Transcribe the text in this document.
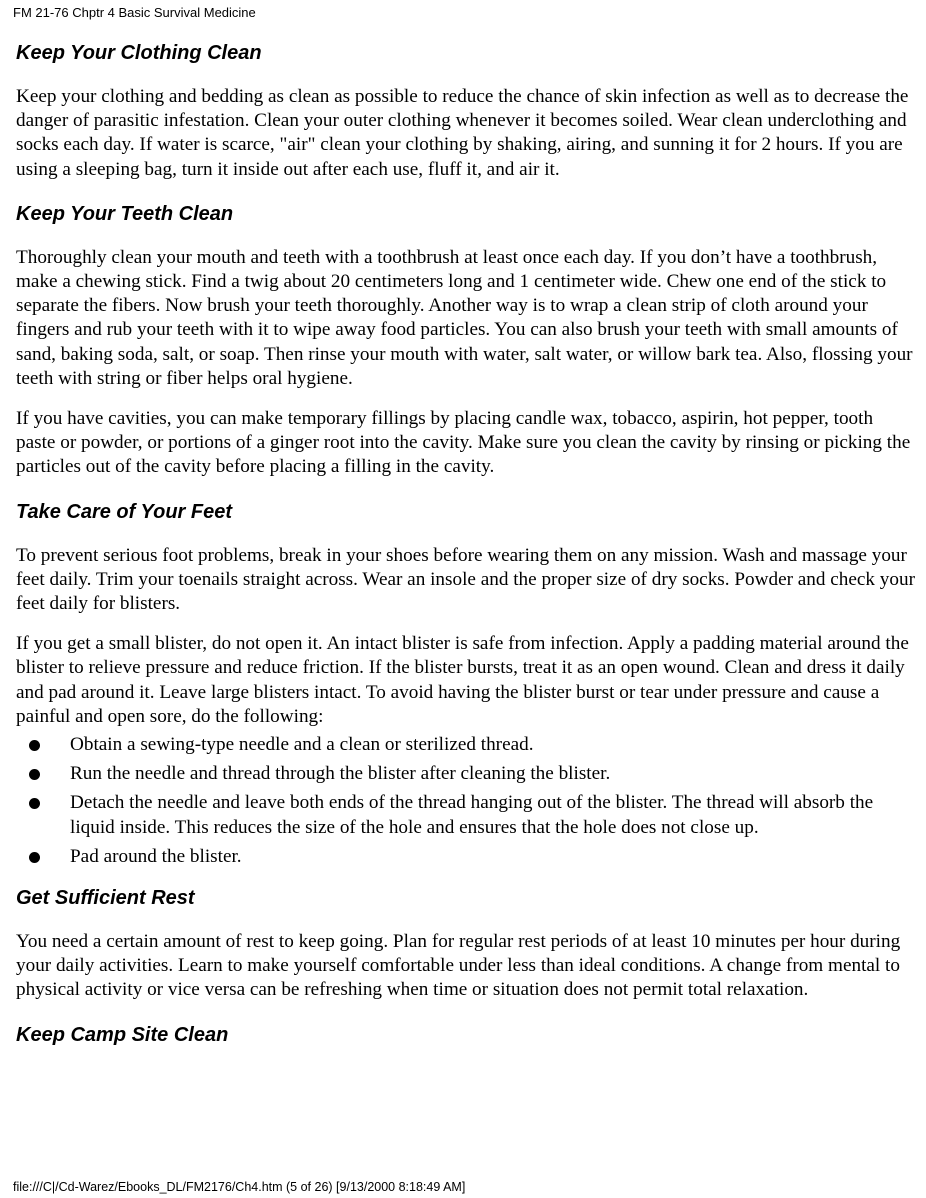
FM 21-76 Chptr 4 Basic Survival Medicine
Keep Your Clothing Clean

Keep your clothing and bedding as clean as possible to reduce the chance of skin infection as well as to decrease the danger of parasitic infestation. Clean your outer clothing whenever it becomes soiled. Wear clean underclothing and socks each day. If water is scarce, "air" clean your clothing by shaking, airing, and sunning it for 2 hours. If you are using a sleeping bag, turn it inside out after each use, fluff it, and air it.

Keep Your Teeth Clean

Thoroughly clean your mouth and teeth with a toothbrush at least once each day. If you don’t have a toothbrush, make a chewing stick. Find a twig about 20 centimeters long and 1 centimeter wide. Chew one end of the stick to separate the fibers. Now brush your teeth thoroughly. Another way is to wrap a clean strip of cloth around your fingers and rub your teeth with it to wipe away food particles. You can also brush your teeth with small amounts of sand, baking soda, salt, or soap. Then rinse your mouth with water, salt water, or willow bark tea. Also, flossing your teeth with string or fiber helps oral hygiene.

If you have cavities, you can make temporary fillings by placing candle wax, tobacco, aspirin, hot pepper, tooth paste or powder, or portions of a ginger root into the cavity. Make sure you clean the cavity by rinsing or picking the particles out of the cavity before placing a filling in the cavity.

Take Care of Your Feet

To prevent serious foot problems, break in your shoes before wearing them on any mission. Wash and massage your feet daily. Trim your toenails straight across. Wear an insole and the proper size of dry socks. Powder and check your feet daily for blisters.

If you get a small blister, do not open it. An intact blister is safe from infection. Apply a padding material around the blister to relieve pressure and reduce friction. If the blister bursts, treat it as an open wound. Clean and dress it daily and pad around it. Leave large blisters intact. To avoid having the blister burst or tear under pressure and cause a painful and open sore, do the following:

Obtain a sewing-type needle and a clean or sterilized thread.
Run the needle and thread through the blister after cleaning the blister.
Detach the needle and leave both ends of the thread hanging out of the blister. The thread will absorb the liquid inside. This reduces the size of the hole and ensures that the hole does not close up.
Pad around the blister.
Get Sufficient Rest

You need a certain amount of rest to keep going. Plan for regular rest periods of at least 10 minutes per hour during your daily activities. Learn to make yourself comfortable under less than ideal conditions. A change from mental to physical activity or vice versa can be refreshing when time or situation does not permit total relaxation.

Keep Camp Site Clean
file:///C|/Cd-Warez/Ebooks_DL/FM2176/Ch4.htm (5 of 26) [9/13/2000 8:18:49 AM]
